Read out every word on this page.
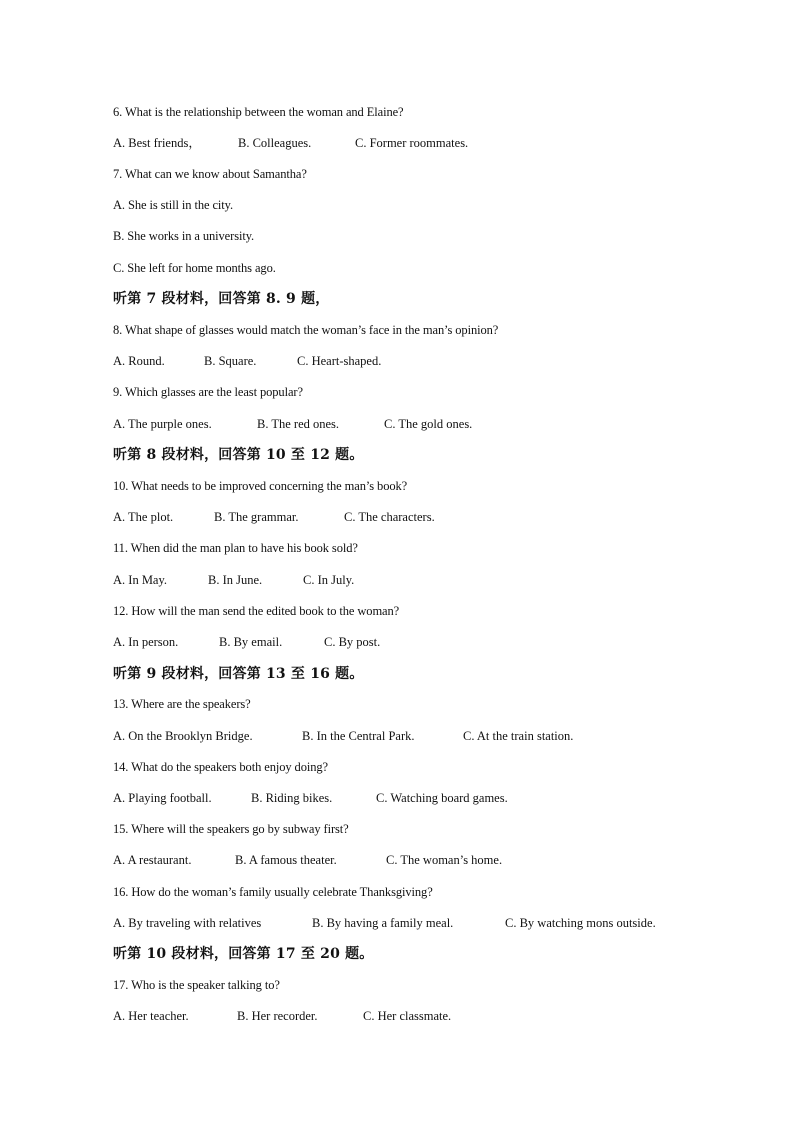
6. What is the relationship between the woman and Elaine?
A. Best friends，	B. Colleagues.	C. Former roommates.
7. What can we know about Samantha?
A. She is still in the city.
B. She works in a university.
C. She left for home months ago.
听第 7 段材料，回答第 8. 9 题，
8. What shape of glasses would match the woman’s face in the man’s opinion?
A. Round.	B. Square.	C. Heart-shaped.
9. Which glasses are the least popular?
A. The purple ones.	B. The red ones.	C. The gold ones.
听第 8 段材料，回答第 10 至 12 题。
10. What needs to be improved concerning the man’s book?
A. The plot.	B. The grammar.	C. The characters.
11. When did the man plan to have his book sold?
A. In May.	B. In June.	C. In July.
12. How will the man send the edited book to the woman?
A. In person.	B. By email.	C. By post.
听第 9 段材料，回答第 13 至 16 题。
13. Where are the speakers?
A. On the Brooklyn Bridge.	B. In the Central Park.	C. At the train station.
14. What do the speakers both enjoy doing?
A. Playing football.	B. Riding bikes.	C. Watching board games.
15. Where will the speakers go by subway first?
A. A restaurant.	B. A famous theater.	C. The woman’s home.
16. How do the woman’s family usually celebrate Thanksgiving?
A. By traveling with relatives	B. By having a family meal.	C. By watching mons outside.
听第 10 段材料，回答第 17 至 20 题。
17. Who is the speaker talking to?
A. Her teacher.	B. Her recorder.	C. Her classmate.
